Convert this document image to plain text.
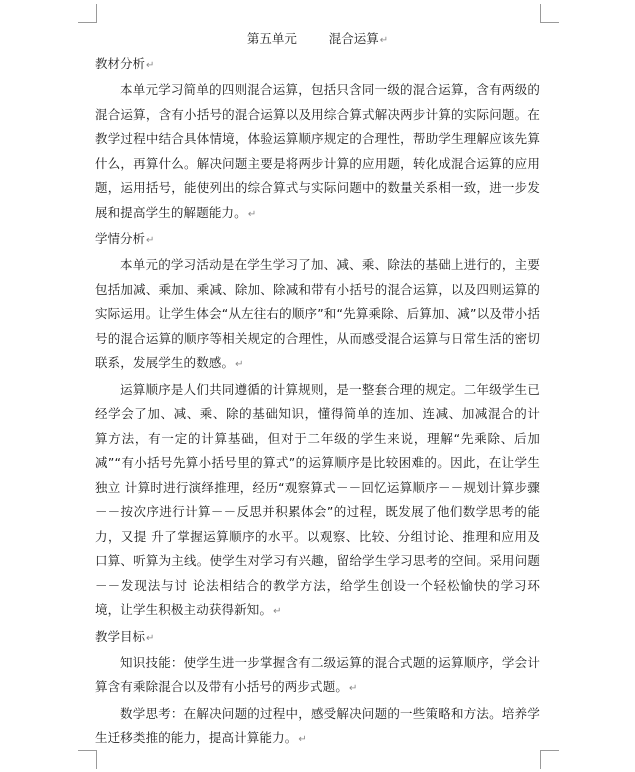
第五单元        混合运算↵

教材分析↵

本单元学习简单的四则混合运算，包括只含同一级的混合运算，含有两级的混合运算，含有小括号的混合运算以及用综合算式解决两步计算的实际问题。在教学过程中结合具体情境，体验运算顺序规定的合理性，帮助学生理解应该先算什么，再算什么。解决问题主要是将两步计算的应用题，转化成混合运算的应用题，运用括号，能使列出的综合算式与实际问题中的数量关系相一致，进一步发展和提高学生的解题能力。↵

学情分析↵

本单元的学习活动是在学生学习了加、减、乘、除法的基础上进行的，主要包括加减、乘加、乘减、除加、除减和带有小括号的混合运算，以及四则运算的实际运用。让学生体会“从左往右的顺序”和“先算乘除、后算加、减”以及带小括号的混合运算的顺序等相关规定的合理性，从而感受混合运算与日常生活的密切联系，发展学生的数感。↵

运算顺序是人们共同遵循的计算规则，是一整套合理的规定。二年级学生已经学会了加、减、乘、除的基础知识，懂得简单的连加、连减、加减混合的计 算方法，有一定的计算基础，但对于二年级的学生来说，理解“先乘除、后加减”“有小括号先算小括号里的算式”的运算顺序是比较困难的。因此，在让学生独立 计算时进行演绎推理，经历“观察算式－－回忆运算顺序－－规划计算步骤－－按次序进行计算－－反思并积累体会”的过程，既发展了他们数学思考的能力，又提 升了掌握运算顺序的水平。以观察、比较、分组讨论、推理和应用及口算、听算为主线。使学生对学习有兴趣，留给学生学习思考的空间。采用问题－－发现法与讨 论法相结合的教学方法，给学生创设一个轻松愉快的学习环境，让学生积极主动获得新知。↵

教学目标↵

知识技能：使学生进一步掌握含有二级运算的混合式题的运算顺序，学会计算含有乘除混合以及带有小括号的两步式题。↵

数学思考：在解决问题的过程中，感受解决问题的一些策略和方法。培养学生迁移类推的能力，提高计算能力。↵
